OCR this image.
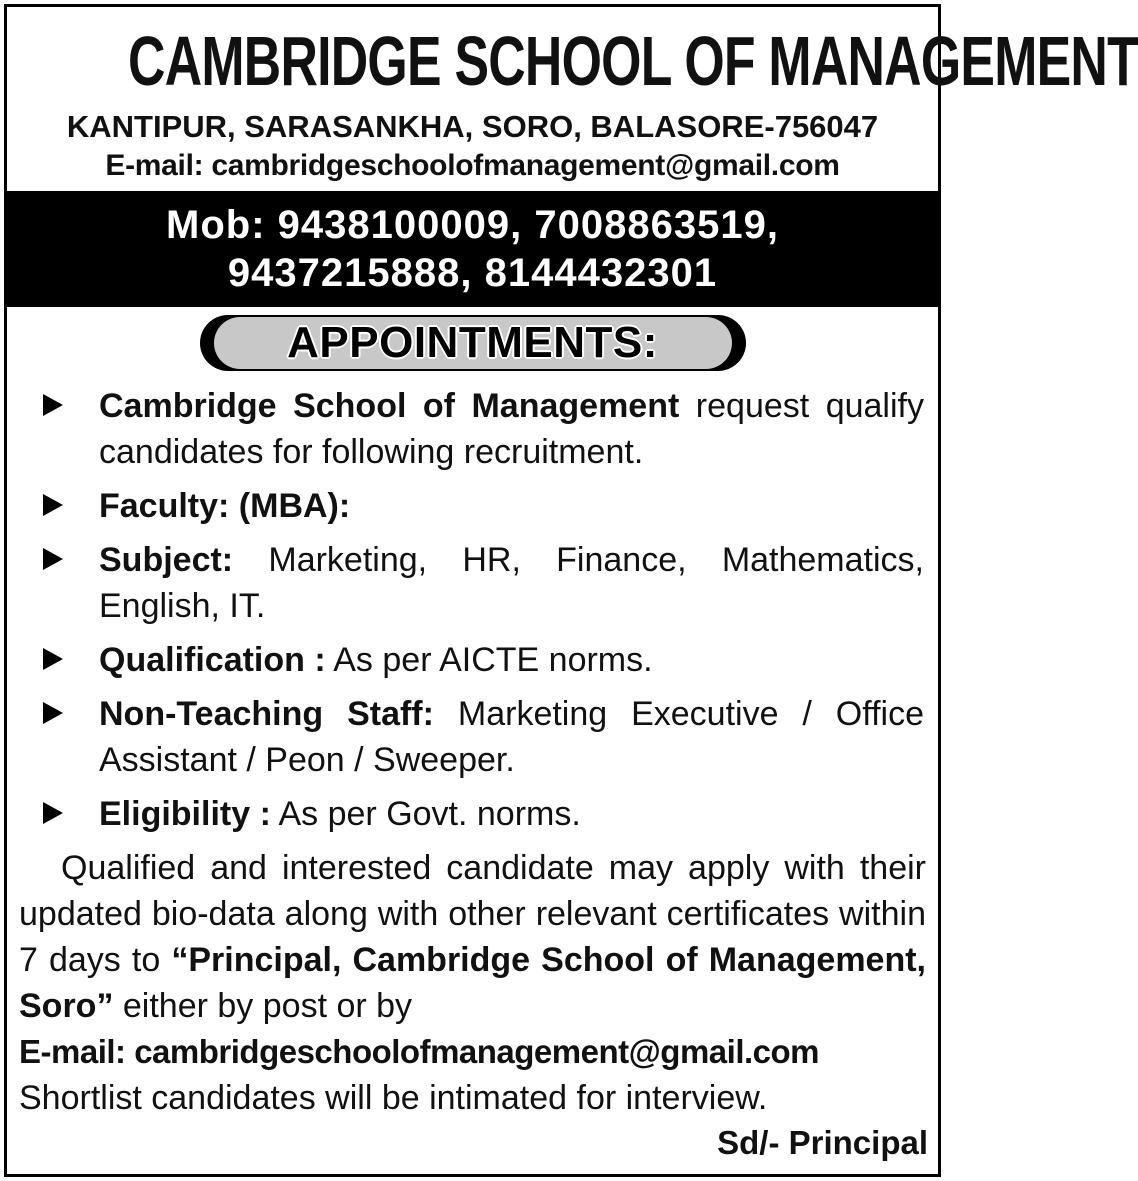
CAMBRIDGE SCHOOL OF MANAGEMENT
KANTIPUR, SARASANKHA, SORO, BALASORE-756047
E-mail: cambridgeschoolofmanagement@gmail.com
Mob: 9438100009, 7008863519,
9437215888, 8144432301
APPOINTMENTS:
Cambridge School of Management request qualify candidates for following recruitment.
Faculty: (MBA):
Subject: Marketing, HR, Finance, Mathematics, English, IT.
Qualification : As per AICTE norms.
Non-Teaching Staff: Marketing Executive / Office Assistant / Peon / Sweeper.
Eligibility : As per Govt. norms.
Qualified and interested candidate may apply with their updated bio-data along with other relevant certificates within 7 days to “Principal, Cambridge School of Management, Soro” either by post or by
E-mail: cambridgeschoolofmanagement@gmail.com
Shortlist candidates will be intimated for interview.
Sd/- Principal
